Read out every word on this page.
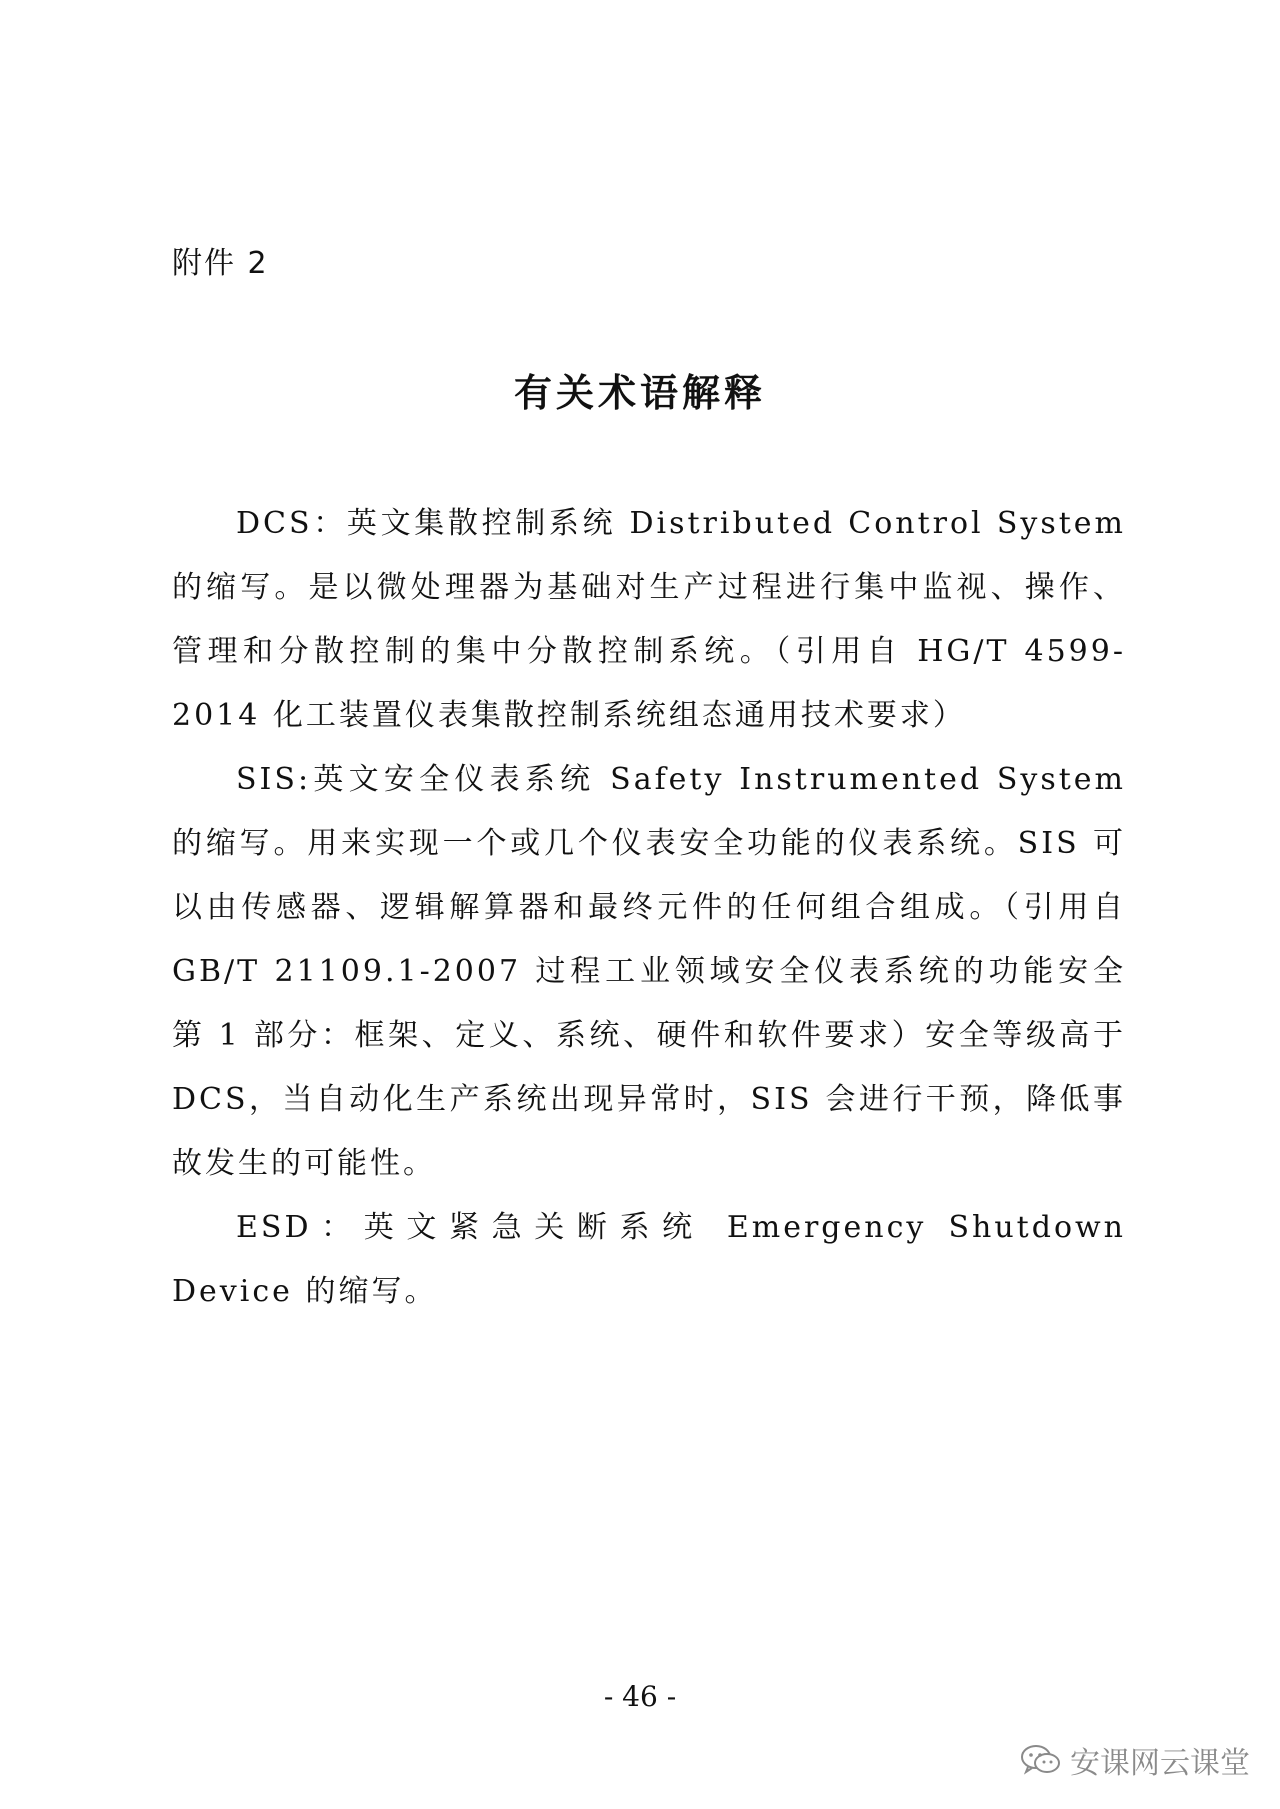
附件 2
有关术语解释

DCS：英文集散控制系统 Distributed Control System 的缩写。是以微处理器为基础对生产过程进行集中监视、操作、管理和分散控制的集中分散控制系统。（引用自 HG/T 4599-2014 化工装置仪表集散控制系统组态通用技术要求）

SIS:英文安全仪表系统 Safety Instrumented System 的缩写。用来实现一个或几个仪表安全功能的仪表系统。SIS 可以由传感器、逻辑解算器和最终元件的任何组合组成。（引用自 GB/T 21109.1-2007 过程工业领域安全仪表系统的功能安全 第 1 部分：框架、定义、系统、硬件和软件要求）安全等级高于 DCS，当自动化生产系统出现异常时，SIS 会进行干预，降低事故发生的可能性。

ESD：英文紧急关断系统 Emergency Shutdown Device 的缩写。

- 46 -
安课网云课堂
